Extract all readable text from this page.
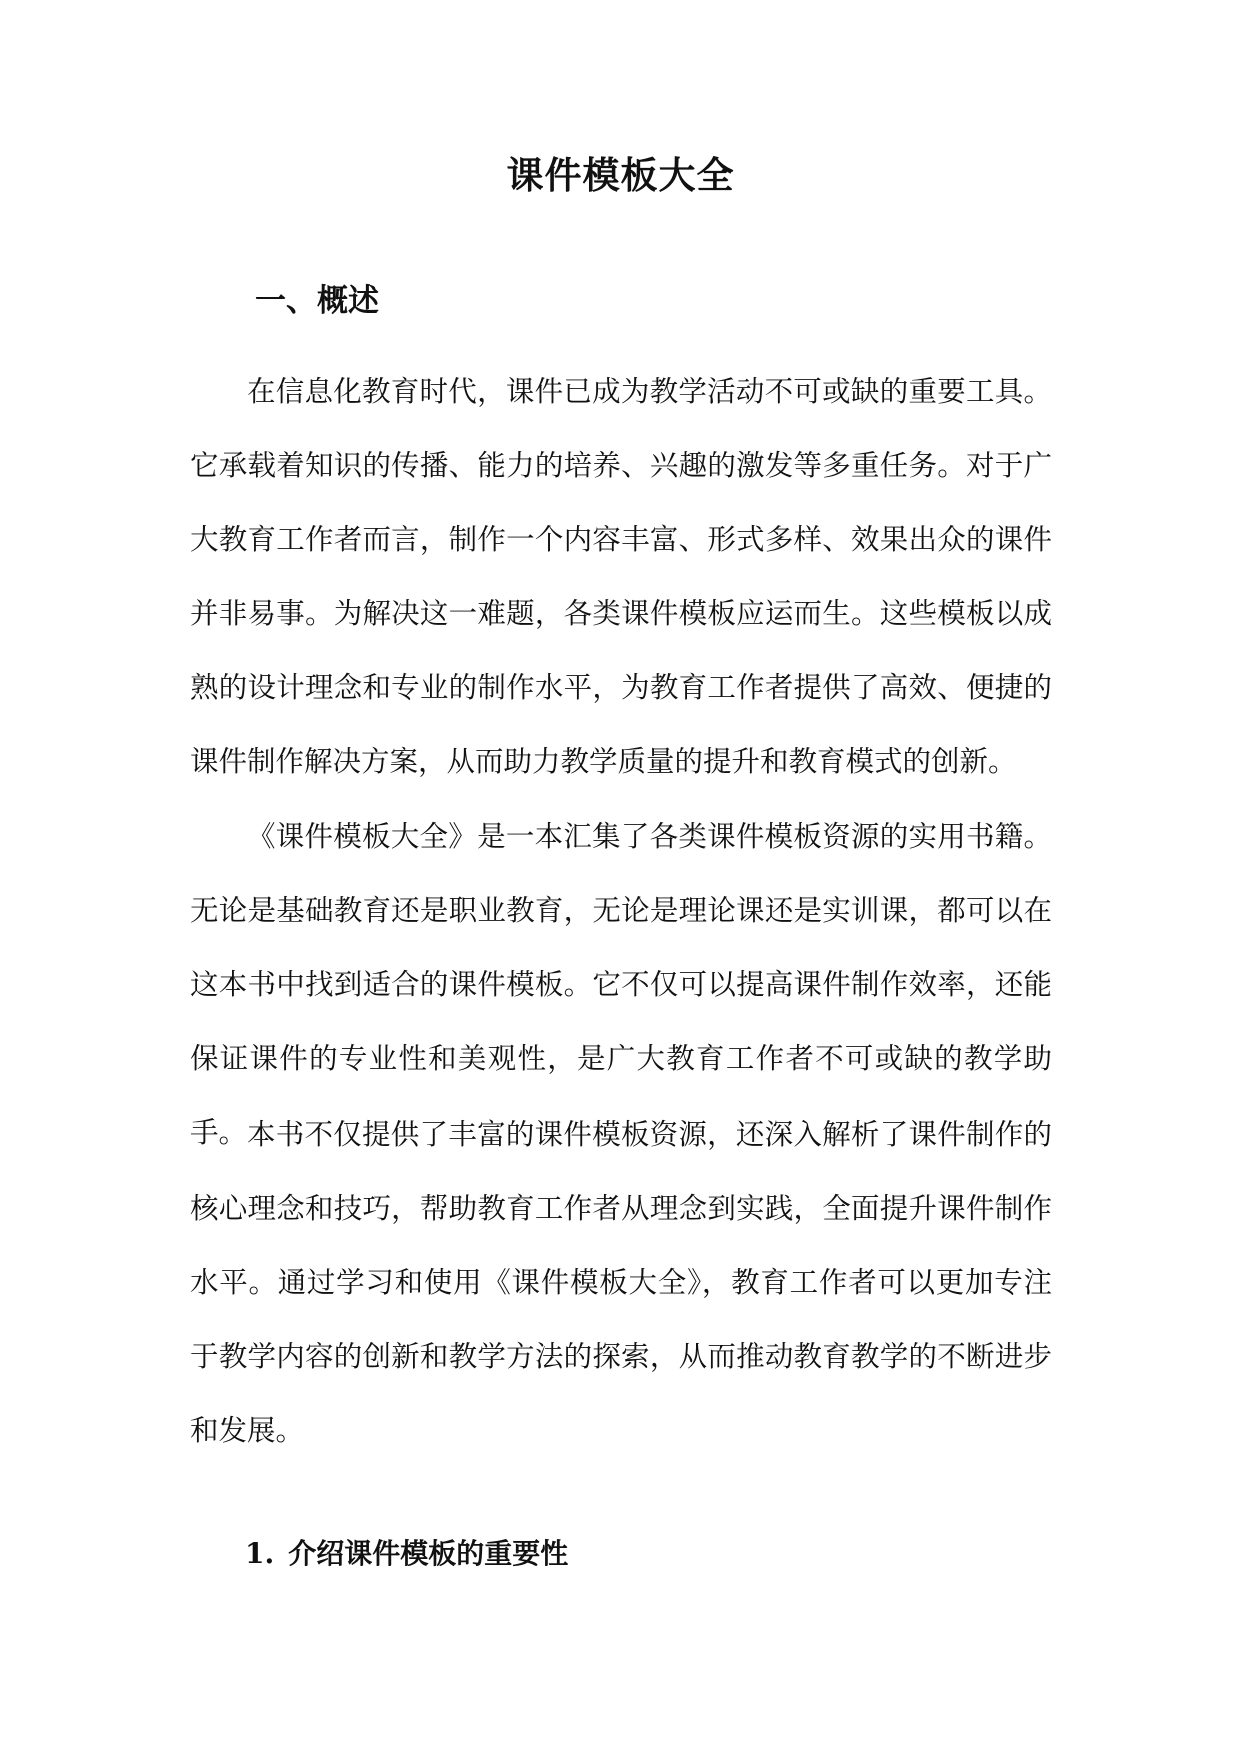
课件模板大全
一、概述

在信息化教育时代，课件已成为教学活动不可或缺的重要工具。它承载着知识的传播、能力的培养、兴趣的激发等多重任务。对于广大教育工作者而言，制作一个内容丰富、形式多样、效果出众的课件并非易事。为解决这一难题，各类课件模板应运而生。这些模板以成熟的设计理念和专业的制作水平，为教育工作者提供了高效、便捷的课件制作解决方案，从而助力教学质量的提升和教育模式的创新。

《课件模板大全》是一本汇集了各类课件模板资源的实用书籍。无论是基础教育还是职业教育，无论是理论课还是实训课，都可以在这本书中找到适合的课件模板。它不仅可以提高课件制作效率，还能保证课件的专业性和美观性，是广大教育工作者不可或缺的教学助手。 本书不仅提供了丰富的课件模板资源，还深入解析了课件制作的核心理念和技巧，帮助教育工作者从理念到实践，全面提升课件制作水平。通过学习和使用《课件模板大全》，教育工作者可以更加专注于教学内容的创新和教学方法的探索，从而推动教育教学的不断进步和发展。

1. 介绍课件模板的重要性
